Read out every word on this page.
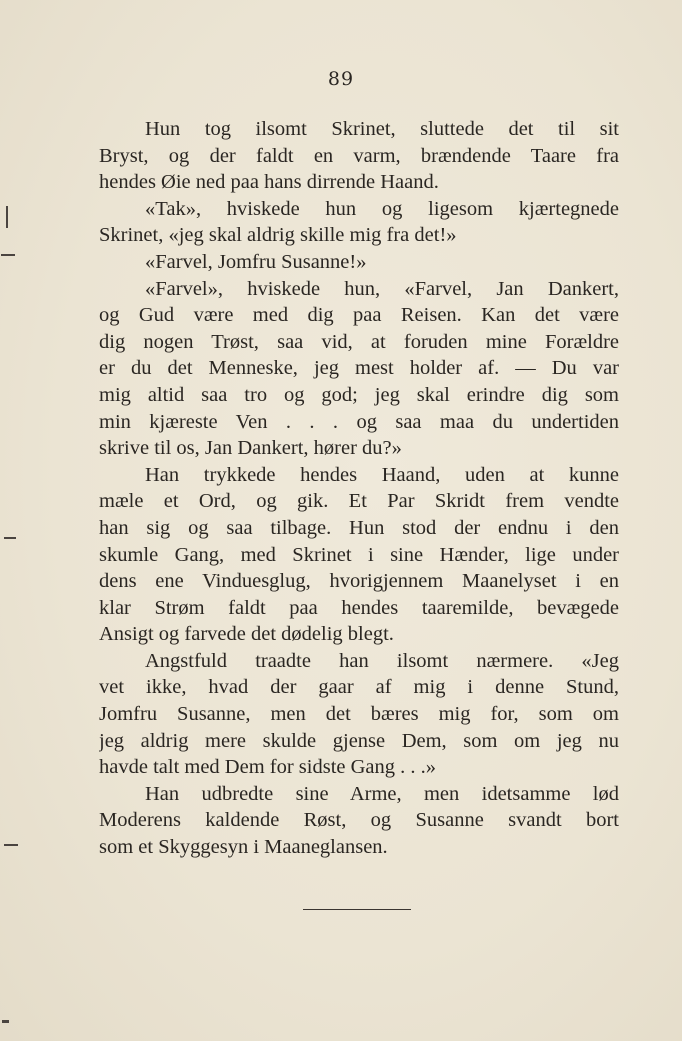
89
Hun tog ilsomt Skrinet, sluttede det til sit
Bryst, og der faldt en varm, brændende Taare fra
hendes Øie ned paa hans dirrende Haand.
«Tak», hviskede hun og ligesom kjærtegnede
Skrinet, «jeg skal aldrig skille mig fra det!»
«Farvel, Jomfru Susanne!»
«Farvel», hviskede hun, «Farvel, Jan Dankert,
og Gud være med dig paa Reisen. Kan det være
dig nogen Trøst, saa vid, at foruden mine Forældre
er du det Menneske, jeg mest holder af. — Du var
mig altid saa tro og god; jeg skal erindre dig som
min kjæreste Ven . . . og saa maa du undertiden
skrive til os, Jan Dankert, hører du?»
Han trykkede hendes Haand, uden at kunne
mæle et Ord, og gik. Et Par Skridt frem vendte
han sig og saa tilbage. Hun stod der endnu i den
skumle Gang, med Skrinet i sine Hænder, lige under
dens ene Vinduesglug, hvorigjennem Maanelyset i en
klar Strøm faldt paa hendes taaremilde, bevægede
Ansigt og farvede det dødelig blegt.
Angstfuld traadte han ilsomt nærmere. «Jeg
vet ikke, hvad der gaar af mig i denne Stund,
Jomfru Susanne, men det bæres mig for, som om
jeg aldrig mere skulde gjense Dem, som om jeg nu
havde talt med Dem for sidste Gang . . .»
Han udbredte sine Arme, men idetsamme lød
Moderens kaldende Røst, og Susanne svandt bort
som et Skyggesyn i Maaneglansen.
